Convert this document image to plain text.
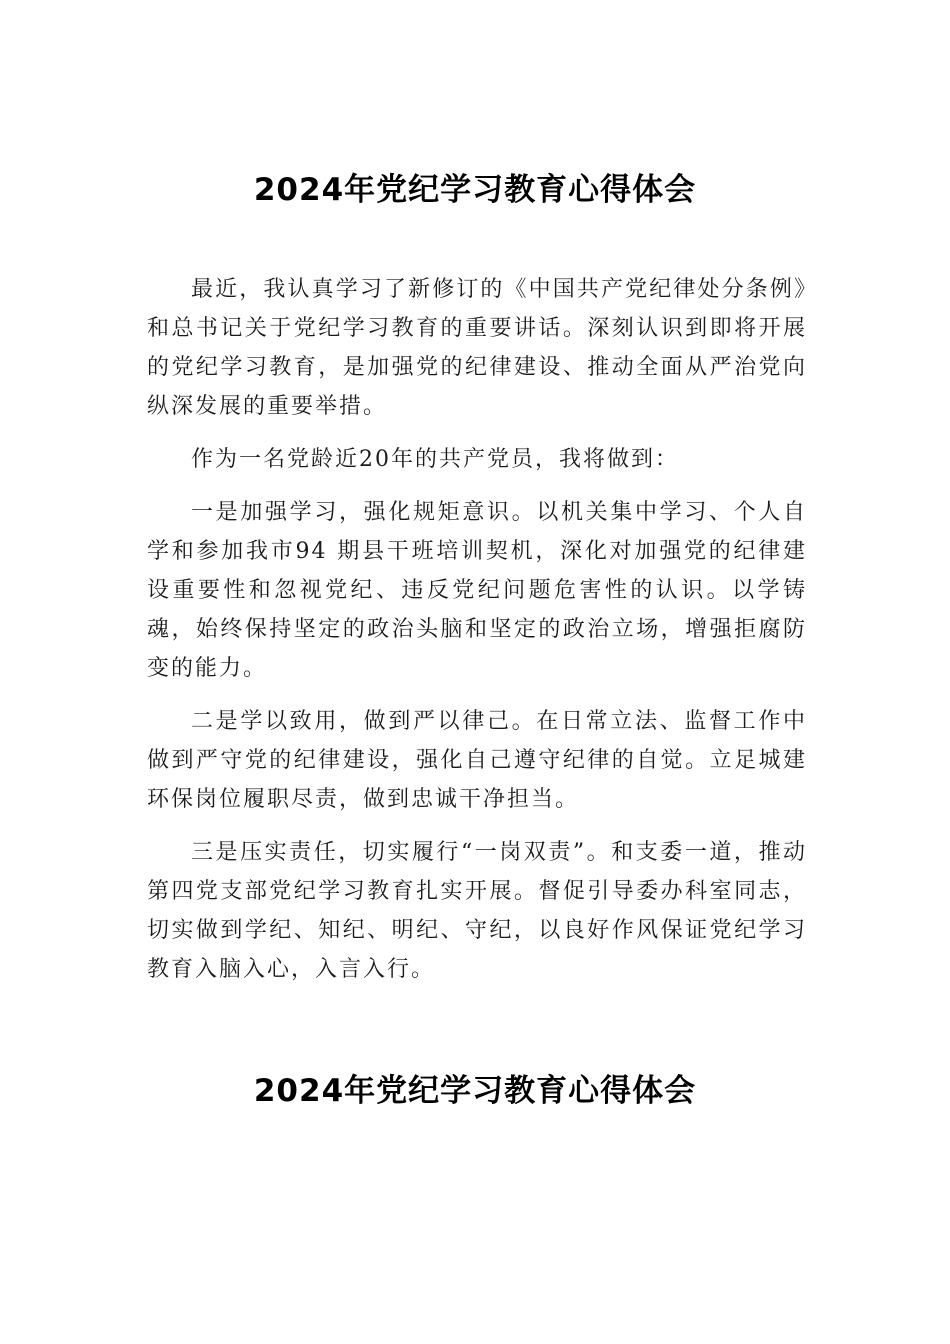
2024年党纪学习教育心得体会

最近，我认真学习了新修订的《中国共产党纪律处分条例》和总书记关于党纪学习教育的重要讲话。深刻认识到即将开展的党纪学习教育，是加强党的纪律建设、推动全面从严治党向纵深发展的重要举措。

作为一名党龄近20年的共产党员，我将做到：

一是加强学习，强化规矩意识。以机关集中学习、个人自学和参加我市94 期县干班培训契机，深化对加强党的纪律建设重要性和忽视党纪、违反党纪问题危害性的认识。以学铸魂，始终保持坚定的政治头脑和坚定的政治立场，增强拒腐防变的能力。

二是学以致用，做到严以律己。在日常立法、监督工作中做到严守党的纪律建设，强化自己遵守纪律的自觉。立足城建环保岗位履职尽责，做到忠诚干净担当。

三是压实责任，切实履行“一岗双责”。和支委一道，推动第四党支部党纪学习教育扎实开展。督促引导委办科室同志，切实做到学纪、知纪、明纪、守纪，以良好作风保证党纪学习教育入脑入心，入言入行。

2024年党纪学习教育心得体会
